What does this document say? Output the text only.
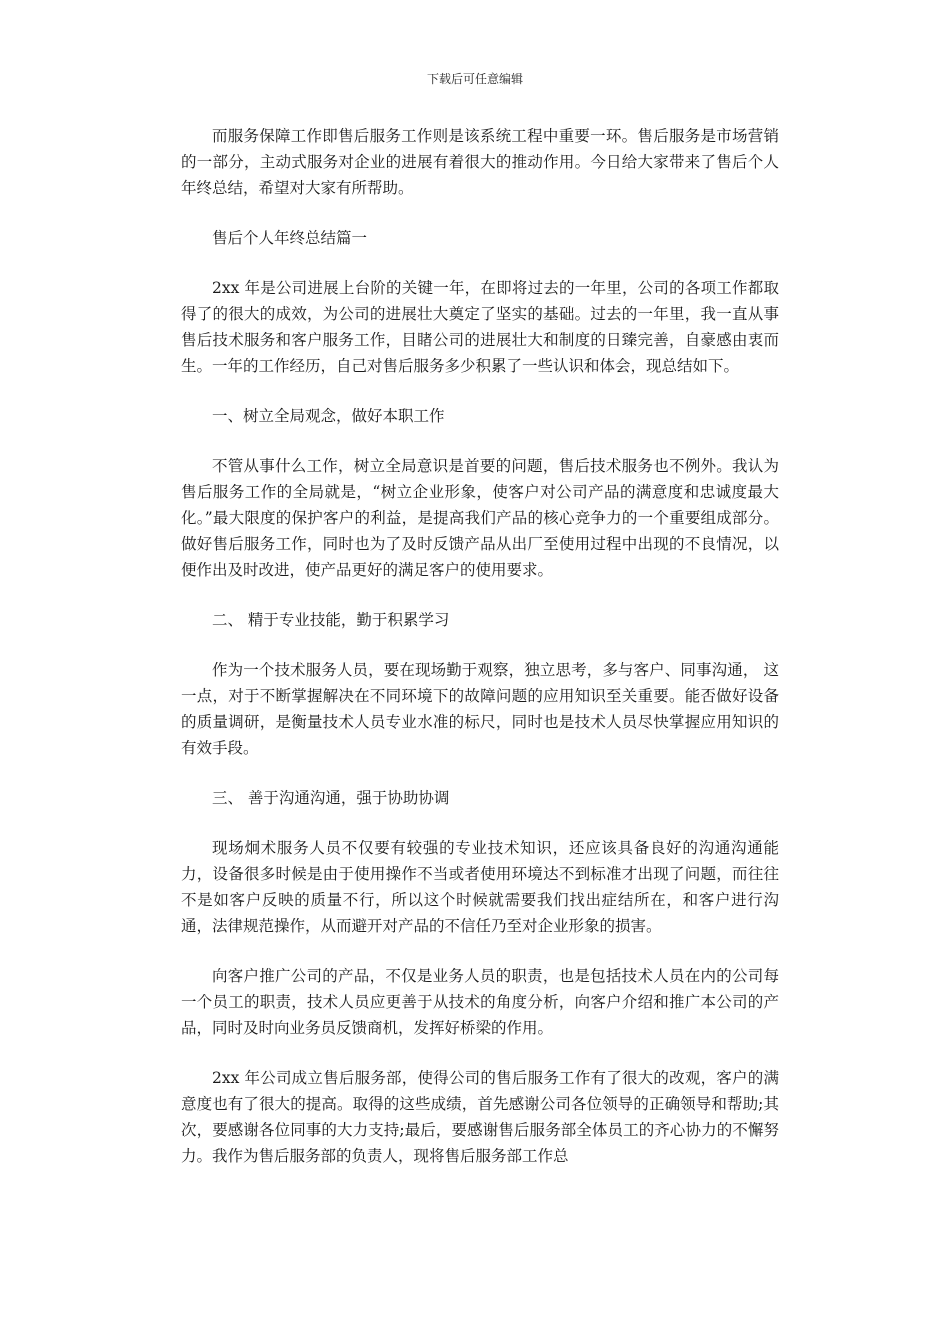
下载后可任意编辑

而服务保障工作即售后服务工作则是该系统工程中重要一环。售后服务是市场营销的一部分，主动式服务对企业的进展有着很大的推动作用。今日给大家带来了售后个人年终总结，希望对大家有所帮助。

售后个人年终总结篇一

2xx 年是公司进展上台阶的关键一年，在即将过去的一年里，公司的各项工作都取得了的很大的成效，为公司的进展壮大奠定了坚实的基础。过去的一年里，我一直从事售后技术服务和客户服务工作，目睹公司的进展壮大和制度的日臻完善，自豪感由衷而生。一年的工作经历，自己对售后服务多少积累了一些认识和体会，现总结如下。

一、树立全局观念，做好本职工作

不管从事什么工作，树立全局意识是首要的问题，售后技术服务也不例外。我认为售后服务工作的全局就是，“树立企业形象，使客户对公司产品的满意度和忠诚度最大化。”最大限度的保护客户的利益，是提高我们产品的核心竞争力的一个重要组成部分。做好售后服务工作，同时也为了及时反馈产品从出厂至使用过程中出现的不良情况，以便作出及时改进，使产品更好的满足客户的使用要求。

二、 精于专业技能，勤于积累学习

作为一个技术服务人员，要在现场勤于观察，独立思考，多与客户、同事沟通， 这一点，对于不断掌握解决在不同环境下的故障问题的应用知识至关重要。能否做好设备的质量调研，是衡量技术人员专业水准的标尺，同时也是技术人员尽快掌握应用知识的有效手段。

三、 善于沟通沟通，强于协助协调

现场炯术服务人员不仅要有较强的专业技术知识，还应该具备良好的沟通沟通能力，设备很多时候是由于使用操作不当或者使用环境达不到标准才出现了问题，而往往不是如客户反映的质量不行，所以这个时候就需要我们找出症结所在，和客户进行沟通，法律规范操作，从而避开对产品的不信任乃至对企业形象的损害。

向客户推广公司的产品，不仅是业务人员的职责，也是包括技术人员在内的公司每一个员工的职责，技术人员应更善于从技术的角度分析，向客户介绍和推广本公司的产品，同时及时向业务员反馈商机，发挥好桥梁的作用。

2xx 年公司成立售后服务部，使得公司的售后服务工作有了很大的改观，客户的满意度也有了很大的提高。取得的这些成绩，首先感谢公司各位领导的正确领导和帮助;其次，要感谢各位同事的大力支持;最后，要感谢售后服务部全体员工的齐心协力的不懈努力。我作为售后服务部的负责人，现将售后服务部工作总
